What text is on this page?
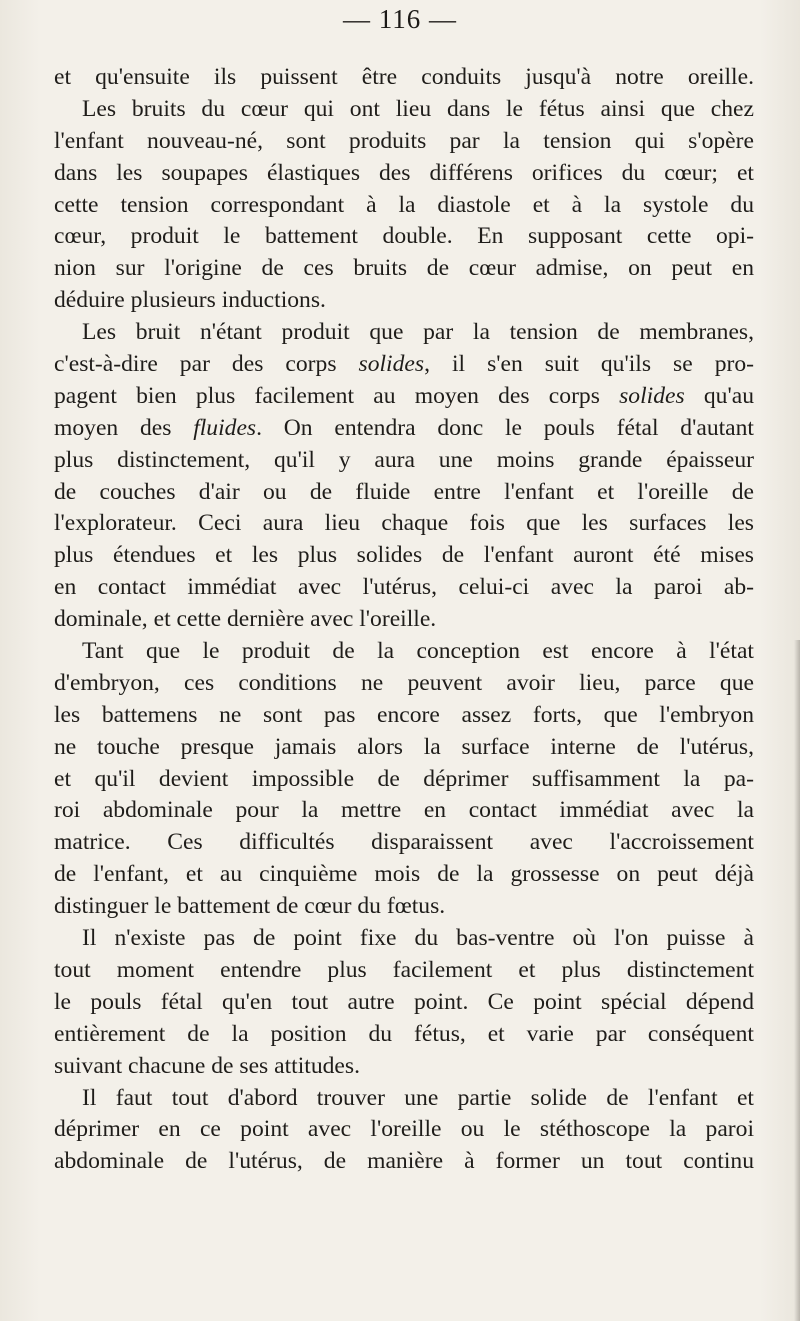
— 116 —
et qu'ensuite ils puissent être conduits jusqu'à notre oreille.
Les bruits du cœur qui ont lieu dans le fétus ainsi que chez
l'enfant nouveau-né, sont produits par la tension qui s'opère
dans les soupapes élastiques des différens orifices du cœur; et
cette tension correspondant à la diastole et à la systole du
cœur, produit le battement double. En supposant cette opi-
nion sur l'origine de ces bruits de cœur admise, on peut en
déduire plusieurs inductions.
Les bruit n'étant produit que par la tension de membranes,
c'est-à-dire par des corps solides, il s'en suit qu'ils se pro-
pagent bien plus facilement au moyen des corps solides qu'au
moyen des fluides. On entendra donc le pouls fétal d'autant
plus distinctement, qu'il y aura une moins grande épaisseur
de couches d'air ou de fluide entre l'enfant et l'oreille de
l'explorateur. Ceci aura lieu chaque fois que les surfaces les
plus étendues et les plus solides de l'enfant auront été mises
en contact immédiat avec l'utérus, celui-ci avec la paroi ab-
dominale, et cette dernière avec l'oreille.
Tant que le produit de la conception est encore à l'état
d'embryon, ces conditions ne peuvent avoir lieu, parce que
les battemens ne sont pas encore assez forts, que l'embryon
ne touche presque jamais alors la surface interne de l'utérus,
et qu'il devient impossible de déprimer suffisamment la pa-
roi abdominale pour la mettre en contact immédiat avec la
matrice. Ces difficultés disparaissent avec l'accroissement
de l'enfant, et au cinquième mois de la grossesse on peut déjà
distinguer le battement de cœur du fœtus.
Il n'existe pas de point fixe du bas-ventre où l'on puisse à
tout moment entendre plus facilement et plus distinctement
le pouls fétal qu'en tout autre point. Ce point spécial dépend
entièrement de la position du fétus, et varie par conséquent
suivant chacune de ses attitudes.
Il faut tout d'abord trouver une partie solide de l'enfant et
déprimer en ce point avec l'oreille ou le stéthoscope la paroi
abdominale de l'utérus, de manière à former un tout continu
